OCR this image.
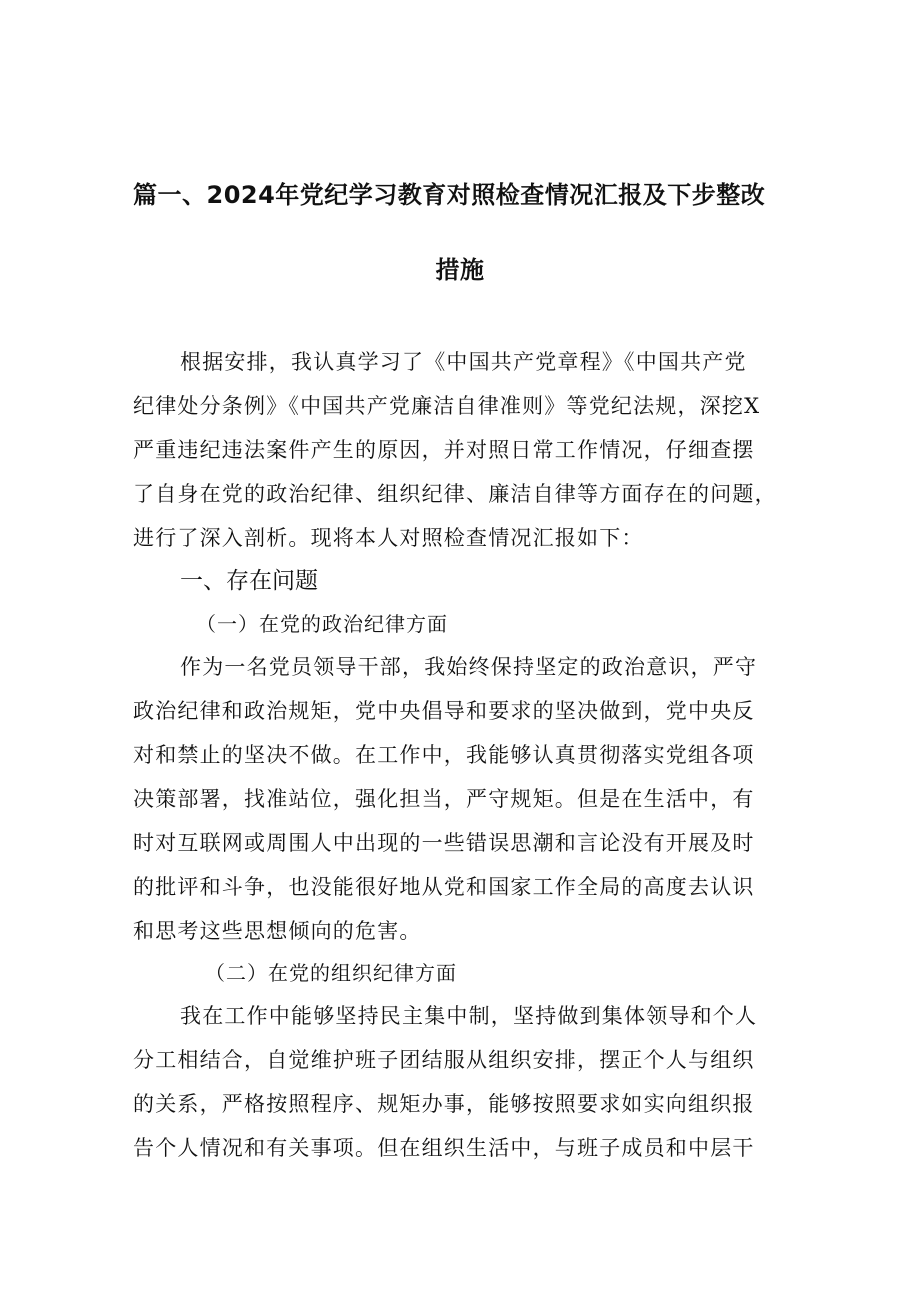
篇一、2024年党纪学习教育对照检查情况汇报及下步整改
措施
根据安排，我认真学习了《中国共产党章程》《中国共产党
纪律处分条例》《中国共产党廉洁自律准则》等党纪法规，深挖X
严重违纪违法案件产生的原因，并对照日常工作情况，仔细查摆
了自身在党的政治纪律、组织纪律、廉洁自律等方面存在的问题，
进行了深入剖析。现将本人对照检查情况汇报如下：
一、存在问题
（一）在党的政治纪律方面
作为一名党员领导干部，我始终保持坚定的政治意识，严守
政治纪律和政治规矩，党中央倡导和要求的坚决做到，党中央反
对和禁止的坚决不做。在工作中，我能够认真贯彻落实党组各项
决策部署，找准站位，强化担当，严守规矩。但是在生活中，有
时对互联网或周围人中出现的一些错误思潮和言论没有开展及时
的批评和斗争，也没能很好地从党和国家工作全局的高度去认识
和思考这些思想倾向的危害。
（二）在党的组织纪律方面
我在工作中能够坚持民主集中制，坚持做到集体领导和个人
分工相结合，自觉维护班子团结服从组织安排，摆正个人与组织
的关系，严格按照程序、规矩办事，能够按照要求如实向组织报
告个人情况和有关事项。但在组织生活中，与班子成员和中层干
